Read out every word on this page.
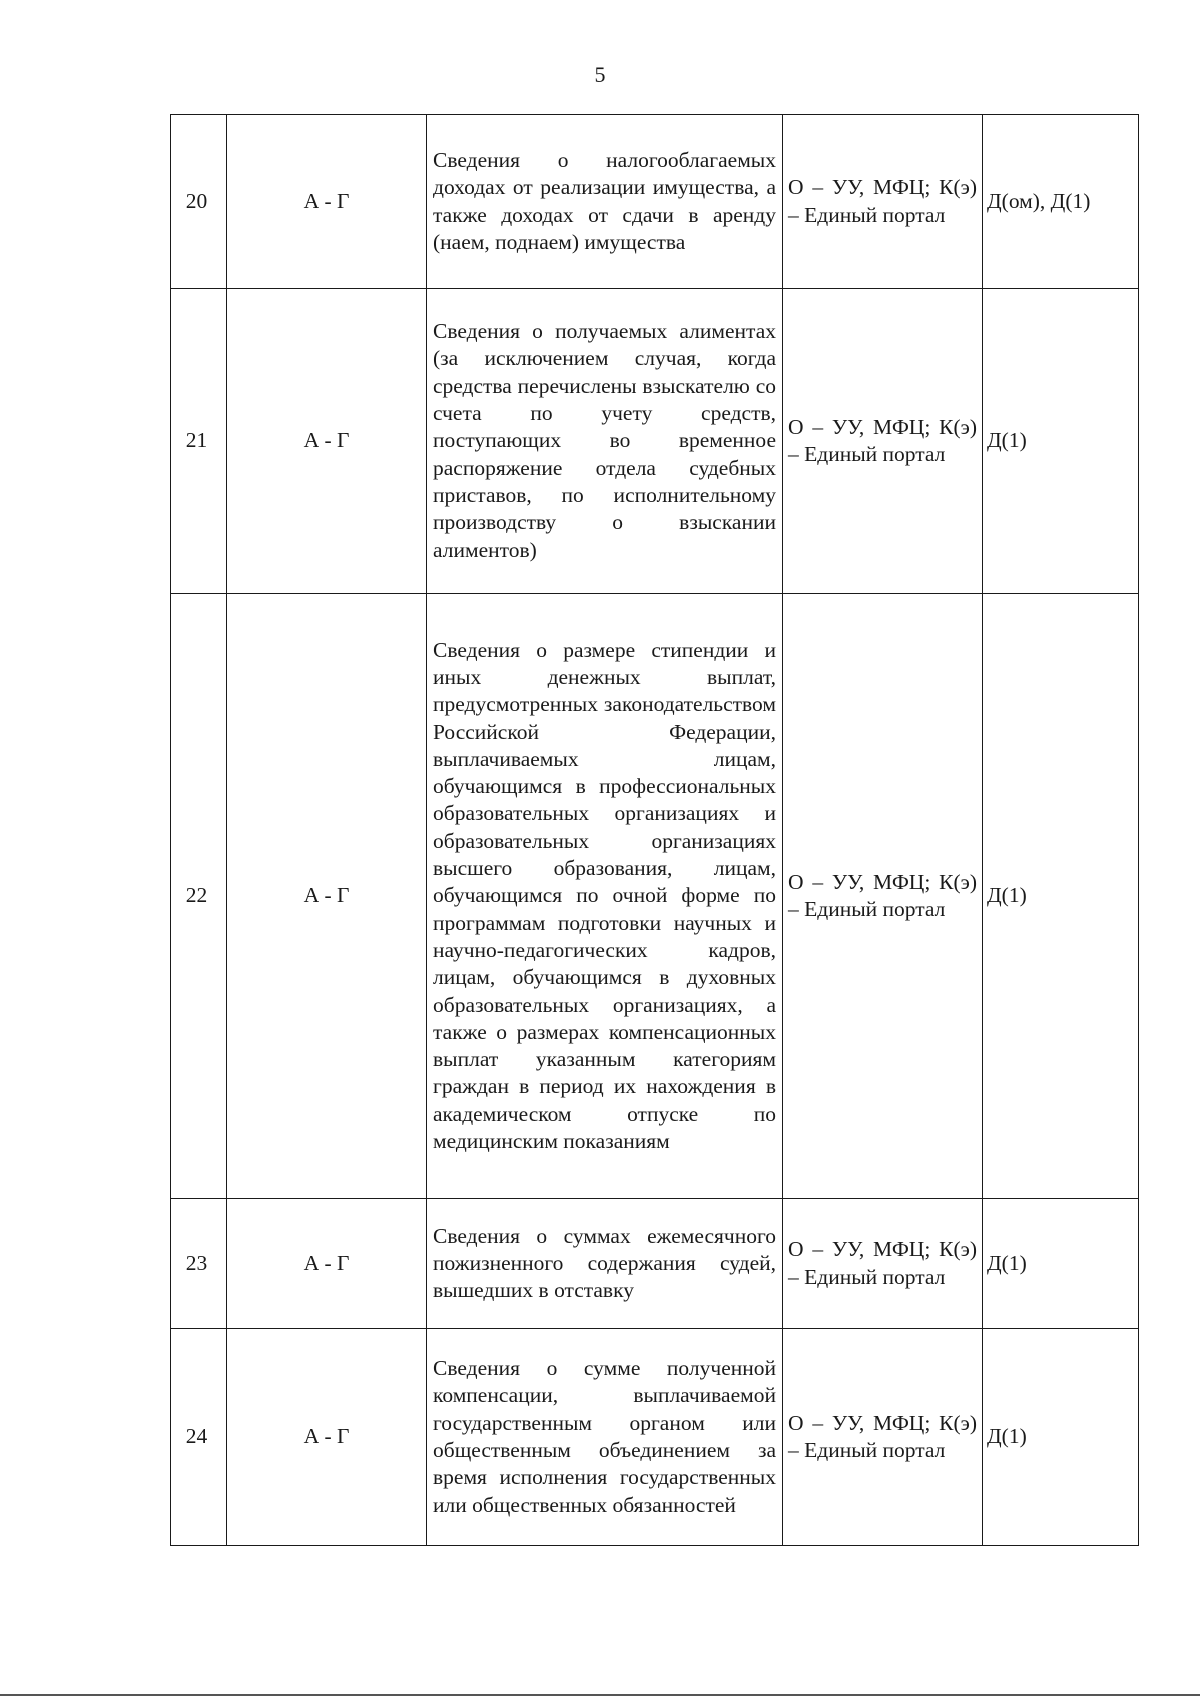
5
20	А - Г	Сведения о налогооблагаемых доходах от реализации имущества, а также доходах от сдачи в аренду (наем, поднаем) имущества	О – УУ, МФЦ; К(э) – Единый портал	Д(ом), Д(1)
21	А - Г	Сведения о получаемых алиментах (за исключением случая, когда средства перечислены взыскателю со счета по учету средств, поступающих во временное распоряжение отдела судебных приставов, по исполнительному производству о взыскании алиментов)	О – УУ, МФЦ; К(э) – Единый портал	Д(1)
22	А - Г	Сведения о размере стипендии и иных денежных выплат, предусмотренных законодательством Российской Федерации, выплачиваемых лицам, обучающимся в профессиональных образовательных организациях и образовательных организациях высшего образования, лицам, обучающимся по очной форме по программам подготовки научных и научно-педагогических кадров, лицам, обучающимся в духовных образовательных организациях, а также о размерах компенсационных выплат указанным категориям граждан в период их нахождения в академическом отпуске по медицинским показаниям	О – УУ, МФЦ; К(э) – Единый портал	Д(1)
23	А - Г	Сведения о суммах ежемесячного пожизненного содержания судей, вышедших в отставку	О – УУ, МФЦ; К(э) – Единый портал	Д(1)
24	А - Г	Сведения о сумме полученной компенсации, выплачиваемой государственным органом или общественным объединением за время исполнения государственных или общественных обязанностей	О – УУ, МФЦ; К(э) – Единый портал	Д(1)
